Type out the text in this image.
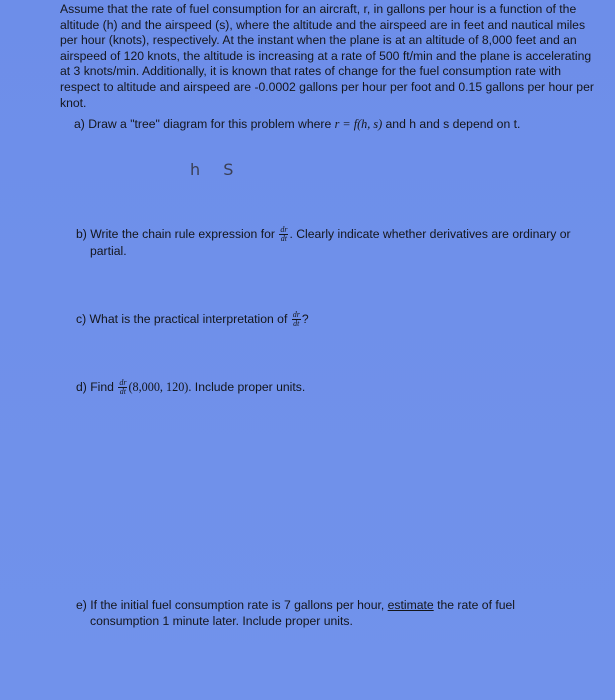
Assume that the rate of fuel consumption for an aircraft, r, in gallons per hour is a function of the altitude (h) and the airspeed (s), where the altitude and the airspeed are in feet and nautical miles per hour (knots), respectively. At the instant when the plane is at an altitude of 8,000 feet and an airspeed of 120 knots, the altitude is increasing at a rate of 500 ft/min and the plane is accelerating at 3 knots/min. Additionally, it is known that rates of change for the fuel consumption rate with respect to altitude and airspeed are -0.0002 gallons per hour per foot and 0.15 gallons per hour per knot.
a) Draw a "tree" diagram for this problem where r = f(h, s) and h and s depend on t.
h S
b) Write the chain rule expression for $\frac{dr}{dt}$ . Clearly indicate whether derivatives are ordinary or
partial.
c) What is the practical interpretation of $\frac{dr}{dt}$ ?
d) Find $\frac{dr}{dt} (8,000$, 120). Include proper units.
e) If the initial fuel consumption rate is 7 gallons per hour, estimate the rate of fuel
consumption 1 minute later. Include proper units.
